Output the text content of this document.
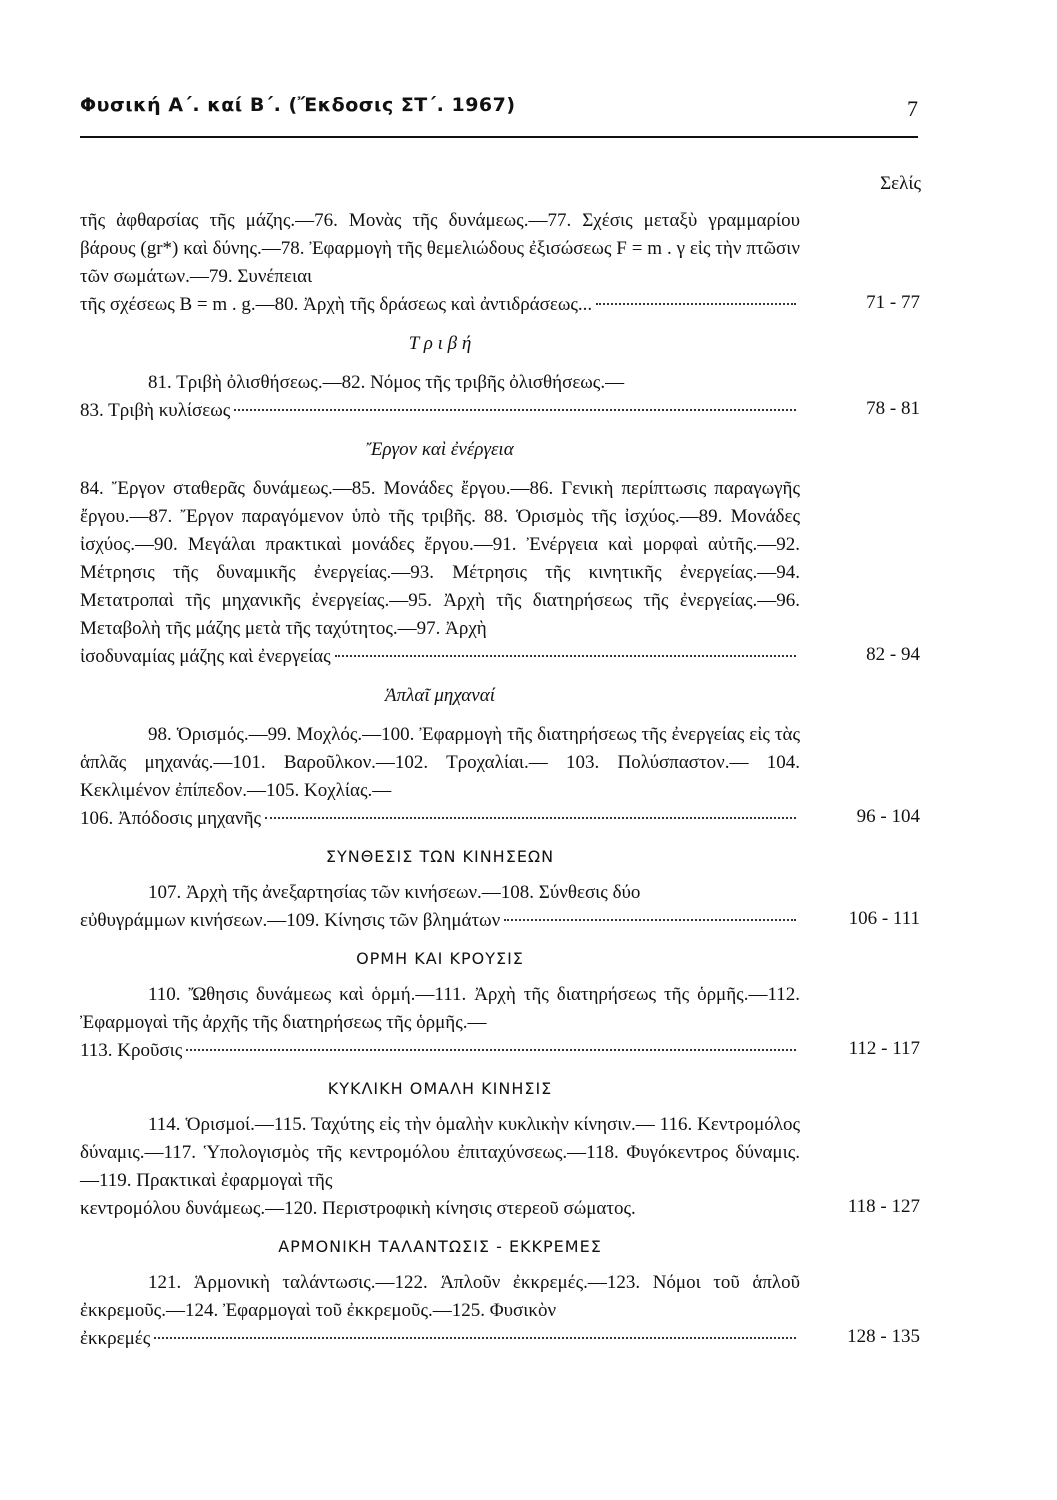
Φυσική Α΄. καί Β΄. (Ἔκδοσις ΣΤ΄. 1967)	7
Σελίς

τῆς ἀφθαρσίας τῆς μάζης.—76. Μονὰς τῆς δυνάμεως.—77. Σχέσις μεταξὺ γραμμαρίου βάρους (gr*) καὶ δύνης.—78. Ἐφαρμογὴ τῆς θεμελιώδους ἐξισώσεως F = m . γ εἰς τὴν πτῶσιν τῶν σωμάτων.—79. Συνέπειαι

τῆς σχέσεως B = m . g.—80. Ἀρχὴ τῆς δράσεως καὶ ἀντιδράσεως...	71 - 77
Τ ρ ι β ή

81. Τριβὴ ὀλισθήσεως.—82. Νόμος τῆς τριβῆς ὀλισθήσεως.—

83. Τριβὴ κυλίσεως	78 - 81
Ἔργον καὶ ἐνέργεια

84. Ἔργον σταθερᾶς δυνάμεως.—85. Μονάδες ἔργου.—86. Γενικὴ περίπτωσις παραγωγῆς ἔργου.—87. Ἔργον παραγόμενον ὑπὸ τῆς τριβῆς. 88. Ὁρισμὸς τῆς ἰσχύος.—89. Μονάδες ἰσχύος.—90. Μεγάλαι πρακτικαὶ μονάδες ἔργου.—91. Ἐνέργεια καὶ μορφαὶ αὐτῆς.—92. Μέτρησις τῆς δυναμικῆς ἐνεργείας.—93. Μέτρησις τῆς κινητικῆς ἐνεργείας.—94. Μετατροπαὶ τῆς μηχανικῆς ἐνεργείας.—95. Ἀρχὴ τῆς διατηρήσεως τῆς ἐνεργείας.—96. Μεταβολὴ τῆς μάζης μετὰ τῆς ταχύτητος.—97. Ἀρχὴ

ἰσοδυναμίας μάζης καὶ ἐνεργείας	82 - 94
Ἁπλαῖ μηχαναί

98. Ὁρισμός.—99. Μοχλός.—100. Ἐφαρμογὴ τῆς διατηρήσεως τῆς ἐνεργείας εἰς τὰς ἁπλᾶς μηχανάς.—101. Βαροῦλκον.—102. Τροχαλίαι.— 103. Πολύσπαστον.— 104. Κεκλιμένον ἐπίπεδον.—105. Κοχλίας.—

106. Ἀπόδοσις μηχανῆς	96 - 104
ΣΥΝΘΕΣΙΣ ΤΩΝ ΚΙΝΗΣΕΩΝ

107. Ἀρχὴ τῆς ἀνεξαρτησίας τῶν κινήσεων.—108. Σύνθεσις δύο

εὐθυγράμμων κινήσεων.—109. Κίνησις τῶν βλημάτων	106 - 111
ΟΡΜΗ ΚΑΙ ΚΡΟΥΣΙΣ

110. Ὤθησις δυνάμεως καὶ ὁρμή.—111. Ἀρχὴ τῆς διατηρήσεως τῆς ὁρμῆς.—112. Ἐφαρμογαὶ τῆς ἀρχῆς τῆς διατηρήσεως τῆς ὁρμῆς.—

113. Κροῦσις	112 - 117
ΚΥΚΛΙΚΗ ΟΜΑΛΗ ΚΙΝΗΣΙΣ

114. Ὁρισμοί.—115. Ταχύτης εἰς τὴν ὁμαλὴν κυκλικὴν κίνησιν.— 116. Κεντρομόλος δύναμις.—117. Ὑπολογισμὸς τῆς κεντρομόλου ἐπιταχύνσεως.—118. Φυγόκεντρος δύναμις.—119. Πρακτικαὶ ἐφαρμογαὶ τῆς

κεντρομόλου δυνάμεως.—120. Περιστροφικὴ κίνησις στερεοῦ σώματος.	118 - 127
ΑΡΜΟΝΙΚΗ ΤΑΛΑΝΤΩΣΙΣ - ΕΚΚΡΕΜΕΣ

121. Ἁρμονικὴ ταλάντωσις.—122. Ἁπλοῦν ἐκκρεμές.—123. Νόμοι τοῦ ἁπλοῦ ἐκκρεμοῦς.—124. Ἐφαρμογαὶ τοῦ ἐκκρεμοῦς.—125. Φυσικὸν

ἐκκρεμές	128 - 135
